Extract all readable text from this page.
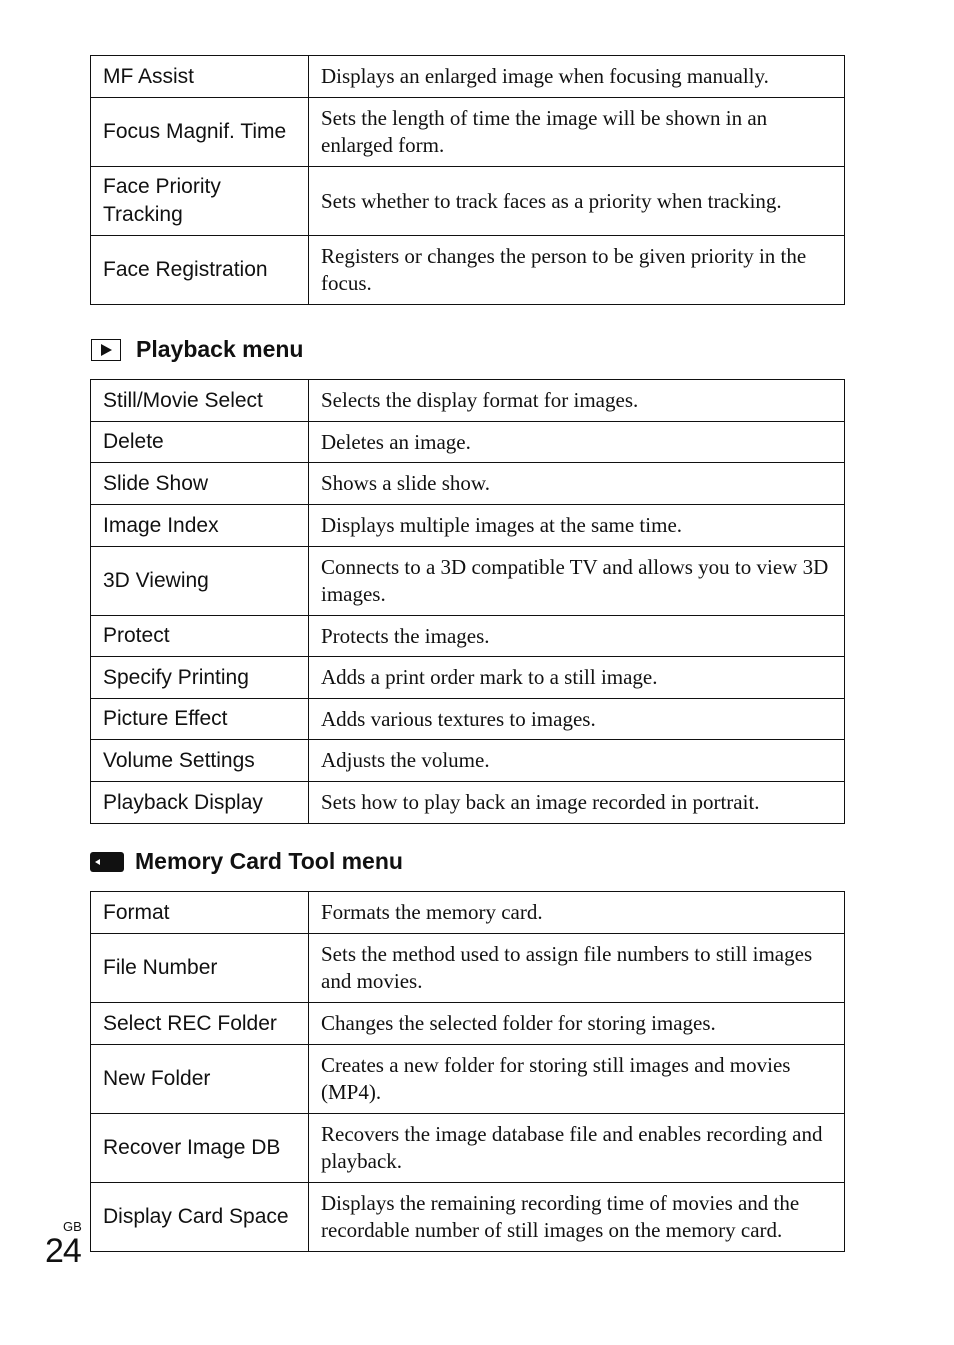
MF Assist	Displays an enlarged image when focusing manually.
Focus Magnif. Time	Sets the length of time the image will be shown in an enlarged form.
Face Priority Tracking	Sets whether to track faces as a priority when tracking.
Face Registration	Registers or changes the person to be given priority in the focus.
Playback menu
Still/Movie Select	Selects the display format for images.
Delete	Deletes an image.
Slide Show	Shows a slide show.
Image Index	Displays multiple images at the same time.
3D Viewing	Connects to a 3D compatible TV and allows you to view 3D images.
Protect	Protects the images.
Specify Printing	Adds a print order mark to a still image.
Picture Effect	Adds various textures to images.
Volume Settings	Adjusts the volume.
Playback Display	Sets how to play back an image recorded in portrait.
Memory Card Tool menu
Format	Formats the memory card.
File Number	Sets the method used to assign file numbers to still images and movies.
Select REC Folder	Changes the selected folder for storing images.
New Folder	Creates a new folder for storing still images and movies (MP4).
Recover Image DB	Recovers the image database file and enables recording and playback.
Display Card Space	Displays the remaining recording time of movies and the recordable number of still images on the memory card.
GB
24
